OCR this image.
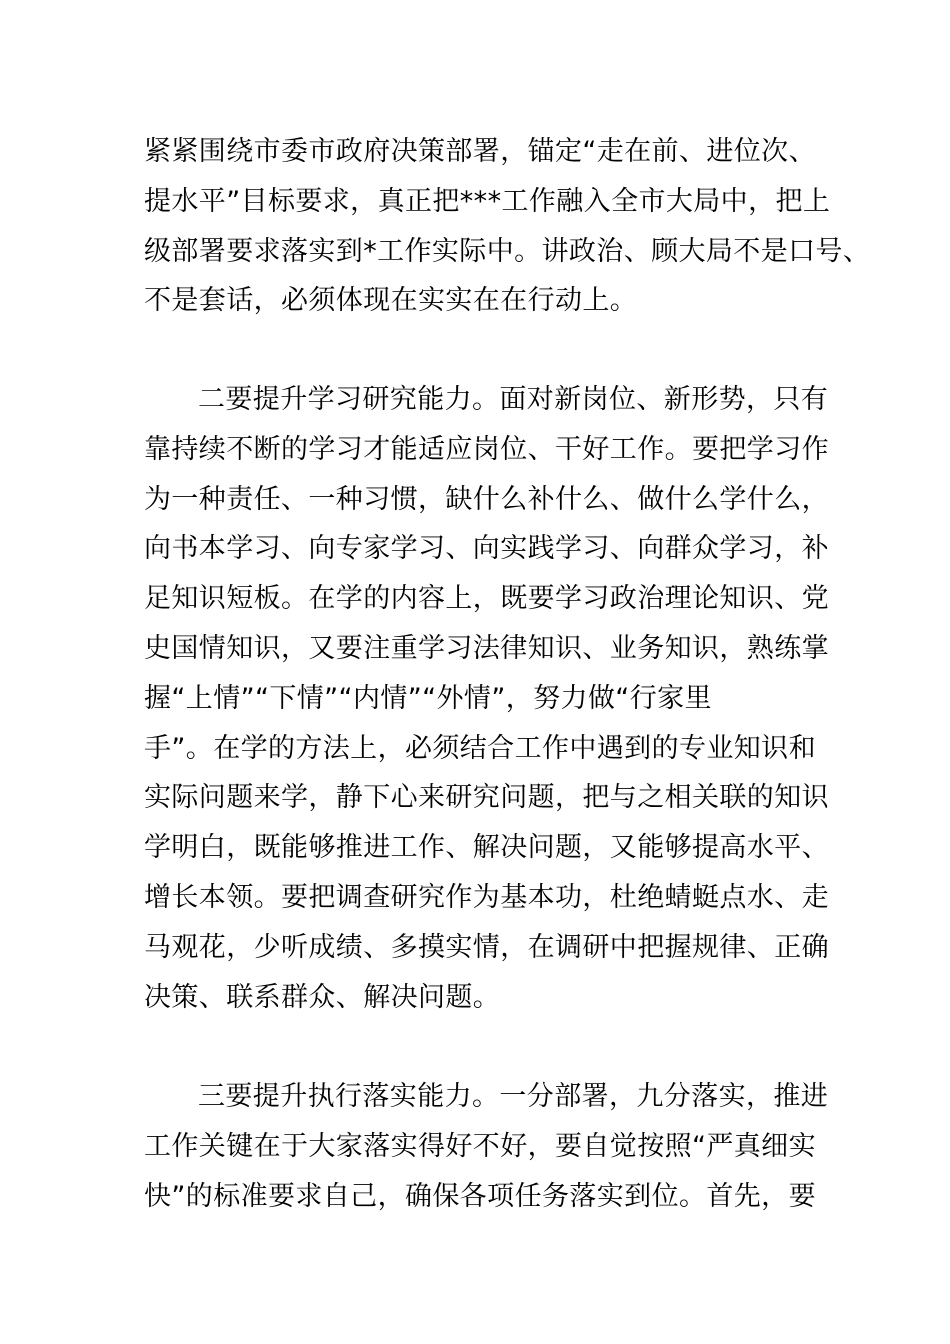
紧紧围绕市委市政府决策部署，锚定“走在前、进位次、
提水平”目标要求，真正把***工作融入全市大局中，把上
级部署要求落实到*工作实际中。讲政治、顾大局不是口号、
不是套话，必须体现在实实在在行动上。
二要提升学习研究能力。面对新岗位、新形势，只有
靠持续不断的学习才能适应岗位、干好工作。要把学习作
为一种责任、一种习惯，缺什么补什么、做什么学什么，
向书本学习、向专家学习、向实践学习、向群众学习，补
足知识短板。在学的内容上，既要学习政治理论知识、党
史国情知识，又要注重学习法律知识、业务知识，熟练掌
握“上情”“下情”“内情”“外情”，努力做“行家里
手”。在学的方法上，必须结合工作中遇到的专业知识和
实际问题来学，静下心来研究问题，把与之相关联的知识
学明白，既能够推进工作、解决问题，又能够提高水平、
增长本领。要把调查研究作为基本功，杜绝蜻蜓点水、走
马观花，少听成绩、多摸实情，在调研中把握规律、正确
决策、联系群众、解决问题。
三要提升执行落实能力。一分部署，九分落实，推进
工作关键在于大家落实得好不好，要自觉按照“严真细实
快”的标准要求自己，确保各项任务落实到位。首先，要
